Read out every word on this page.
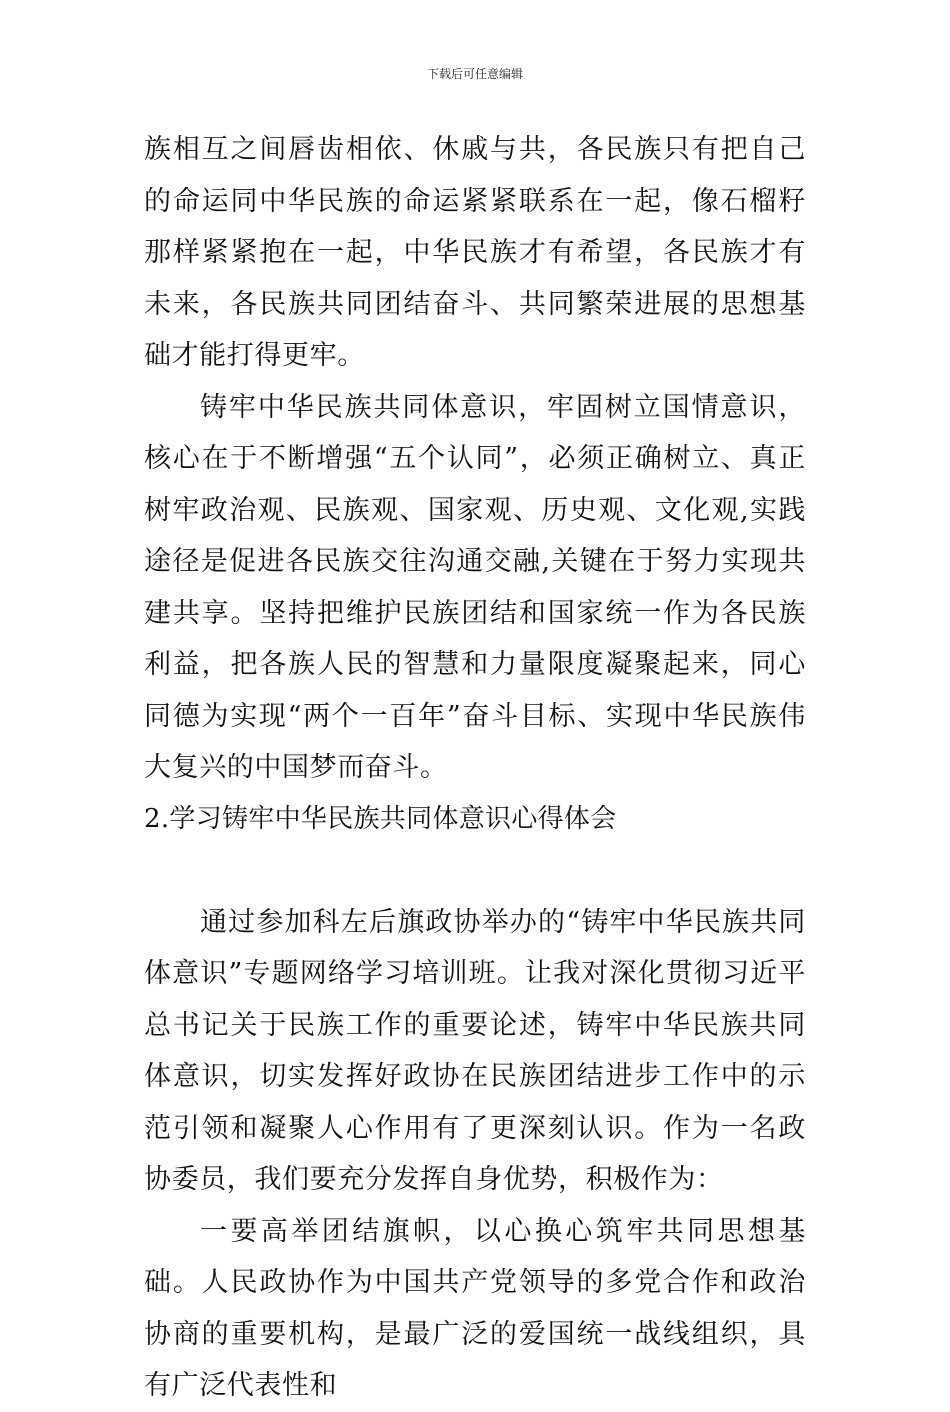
下载后可任意编辑

族相互之间唇齿相依、休戚与共，各民族只有把自己的命运同中华民族的命运紧紧联系在一起，像石榴籽那样紧紧抱在一起，中华民族才有希望，各民族才有未来，各民族共同团结奋斗、共同繁荣进展的思想基础才能打得更牢。

铸牢中华民族共同体意识，牢固树立国情意识，核心在于不断增强“五个认同”，必须正确树立、真正树牢政治观、民族观、国家观、历史观、文化观,实践途径是促进各民族交往沟通交融,关键在于努力实现共建共享。坚持把维护民族团结和国家统一作为各民族利益，把各族人民的智慧和力量限度凝聚起来，同心同德为实现“两个一百年”奋斗目标、实现中华民族伟大复兴的中国梦而奋斗。

2.学习铸牢中华民族共同体意识心得体会

通过参加科左后旗政协举办的“铸牢中华民族共同体意识”专题网络学习培训班。让我对深化贯彻习近平总书记关于民族工作的重要论述，铸牢中华民族共同体意识，切实发挥好政协在民族团结进步工作中的示范引领和凝聚人心作用有了更深刻认识。作为一名政协委员，我们要充分发挥自身优势，积极作为：

一要高举团结旗帜，以心换心筑牢共同思想基础。人民政协作为中国共产党领导的多党合作和政治协商的重要机构，是最广泛的爱国统一战线组织，具有广泛代表性和
